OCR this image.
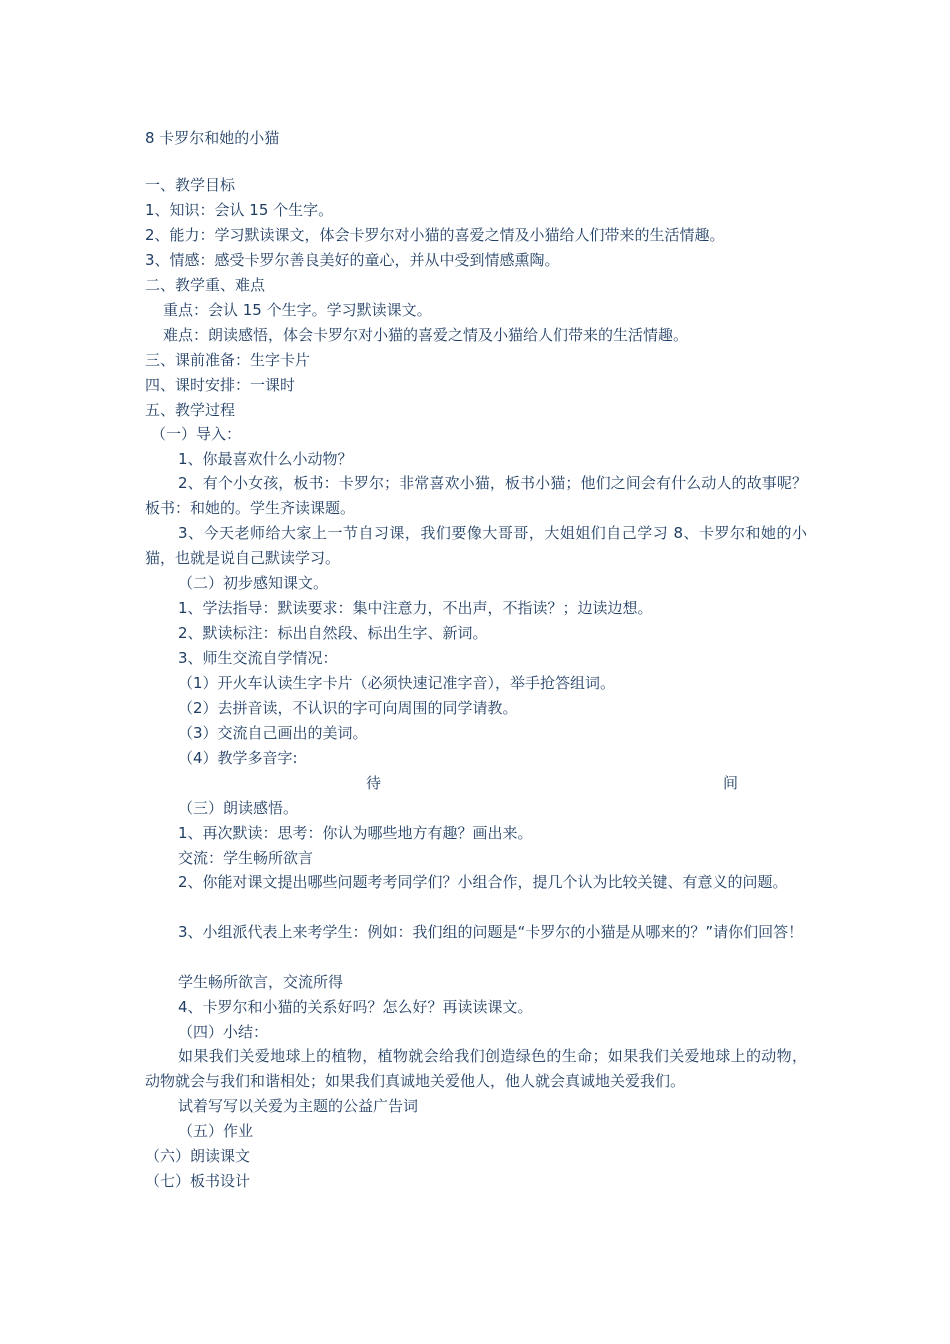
8 卡罗尔和她的小猫
一、教学目标
1、知识：会认 15 个生字。
2、能力：学习默读课文，体会卡罗尔对小猫的喜爱之情及小猫给人们带来的生活情趣。
3、情感：感受卡罗尔善良美好的童心，并从中受到情感熏陶。
二、教学重、难点
重点：会认 15 个生字。学习默读课文。
难点：朗读感悟，体会卡罗尔对小猫的喜爱之情及小猫给人们带来的生活情趣。
三、课前准备：生字卡片
四、课时安排：一课时
五、教学过程
（一）导入：
1、你最喜欢什么小动物？
2、有个小女孩，板书：卡罗尔；非常喜欢小猫，板书小猫；他们之间会有什么动人的故事呢？板书：和她的。学生齐读课题。
3、今天老师给大家上一节自习课，我们要像大哥哥，大姐姐们自己学习 8、卡罗尔和她的小猫，也就是说自己默读学习。
（二）初步感知课文。
1、学法指导：默读要求：集中注意力，不出声，不指读？；边读边想。
2、默读标注：标出自然段、标出生字、新词。
3、师生交流自学情况：
（1）开火车认读生字卡片（必须快速记准字音），举手抢答组词。
（2）去拼音读，不认识的字可向周围的同学请教。
（3）交流自己画出的美词。
（4）教学多音字:
待	间
（三）朗读感悟。
1、再次默读：思考：你认为哪些地方有趣？画出来。
交流：学生畅所欲言
2、你能对课文提出哪些问题考考同学们？小组合作，提几个认为比较关键、有意义的问题。
3、小组派代表上来考学生：例如：我们组的问题是“卡罗尔的小猫是从哪来的？”请你们回答！
学生畅所欲言，交流所得
4、卡罗尔和小猫的关系好吗？怎么好？再读读课文。
（四）小结：
如果我们关爱地球上的植物，植物就会给我们创造绿色的生命；如果我们关爱地球上的动物，动物就会与我们和谐相处；如果我们真诚地关爱他人，他人就会真诚地关爱我们。
试着写写以关爱为主题的公益广告词
（五）作业
（六）朗读课文
（七）板书设计
